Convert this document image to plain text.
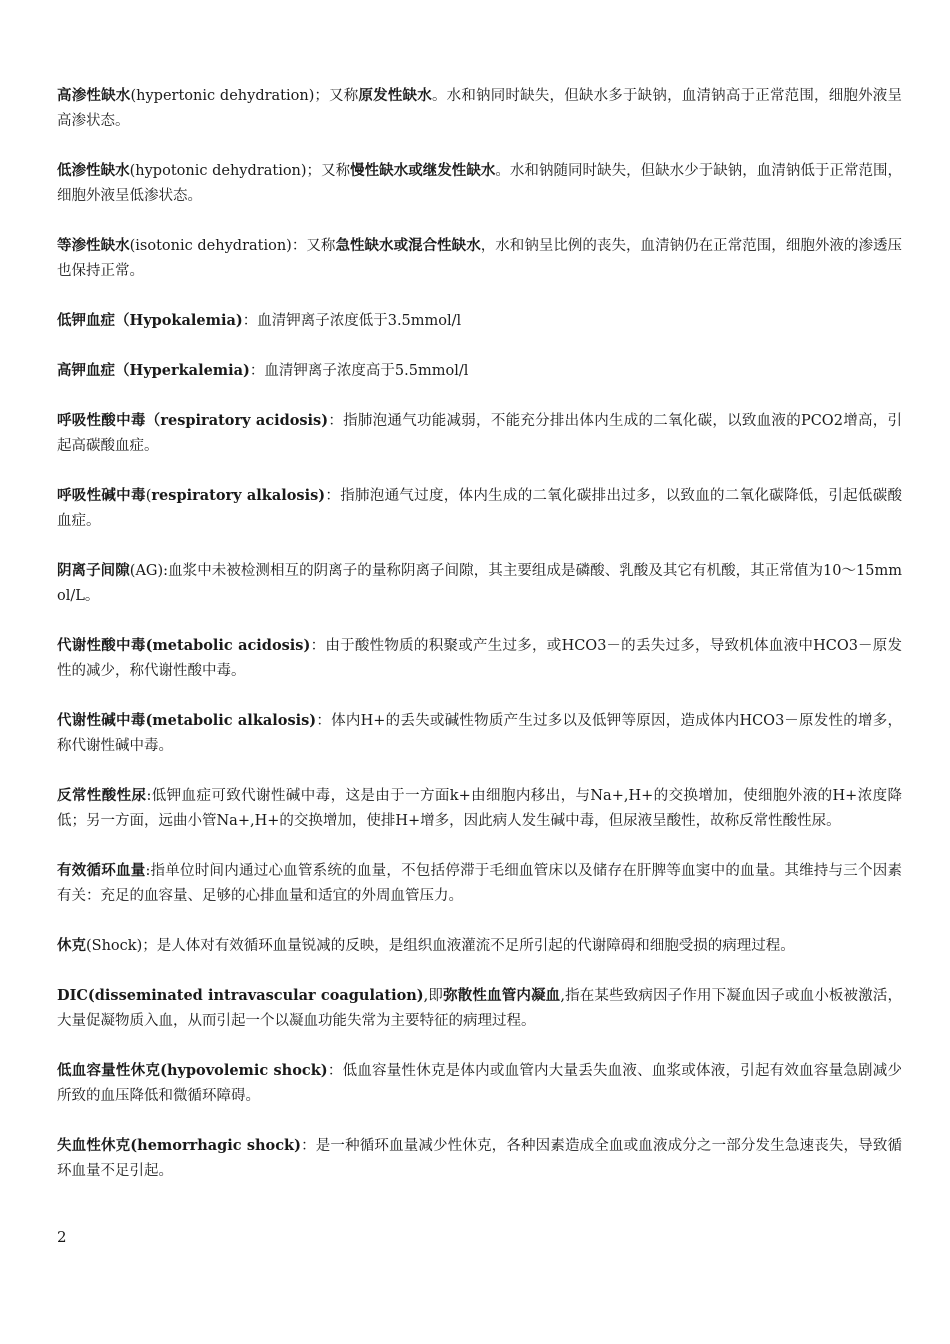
高渗性缺水(hypertonic dehydration)；又称原发性缺水。水和钠同时缺失，但缺水多于缺钠，血清钠高于正常范围，细胞外液呈高渗状态。

低渗性缺水(hypotonic dehydration)；又称慢性缺水或继发性缺水。水和钠随同时缺失，但缺水少于缺钠，血清钠低于正常范围，细胞外液呈低渗状态。

等渗性缺水(isotonic dehydration)：又称急性缺水或混合性缺水，水和钠呈比例的丧失，血清钠仍在正常范围，细胞外液的渗透压也保持正常。

低钾血症（Hypokalemia)：血清钾离子浓度低于3.5mmol/l

高钾血症（Hyperkalemia)：血清钾离子浓度高于5.5mmol/l

呼吸性酸中毒（respiratory acidosis)：指肺泡通气功能减弱，不能充分排出体内生成的二氧化碳，以致血液的PCO2增高，引起高碳酸血症。

呼吸性碱中毒(respiratory alkalosis)：指肺泡通气过度，体内生成的二氧化碳排出过多，以致血的二氧化碳降低，引起低碳酸血症。

阴离子间隙(AG):血浆中未被检测相互的阴离子的量称阴离子间隙，其主要组成是磷酸、乳酸及其它有机酸，其正常值为10～15mmol/L。

代谢性酸中毒(metabolic acidosis)：由于酸性物质的积聚或产生过多，或HCO3－的丢失过多，导致机体血液中HCO3－原发性的减少，称代谢性酸中毒。

代谢性碱中毒(metabolic alkalosis)：体内H+的丢失或碱性物质产生过多以及低钾等原因，造成体内HCO3－原发性的增多，称代谢性碱中毒。

反常性酸性尿:低钾血症可致代谢性碱中毒，这是由于一方面k+由细胞内移出，与Na+,H+的交换增加，使细胞外液的H+浓度降低；另一方面，远曲小管Na+,H+的交换增加，使排H+增多，因此病人发生碱中毒，但尿液呈酸性，故称反常性酸性尿。

有效循环血量:指单位时间内通过心血管系统的血量，不包括停滞于毛细血管床以及储存在肝脾等血窦中的血量。其维持与三个因素有关：充足的血容量、足够的心排血量和适宜的外周血管压力。

休克(Shock)；是人体对有效循环血量锐减的反映，是组织血液灌流不足所引起的代谢障碍和细胞受损的病理过程。

DIC(disseminated intravascular coagulation),即弥散性血管内凝血,指在某些致病因子作用下凝血因子或血小板被激活，大量促凝物质入血，从而引起一个以凝血功能失常为主要特征的病理过程。

低血容量性休克(hypovolemic shock)：低血容量性休克是体内或血管内大量丢失血液、血浆或体液，引起有效血容量急剧减少所致的血压降低和微循环障碍。

失血性休克(hemorrhagic shock)：是一种循环血量减少性休克，各种因素造成全血或血液成分之一部分发生急速丧失，导致循环血量不足引起。

2
